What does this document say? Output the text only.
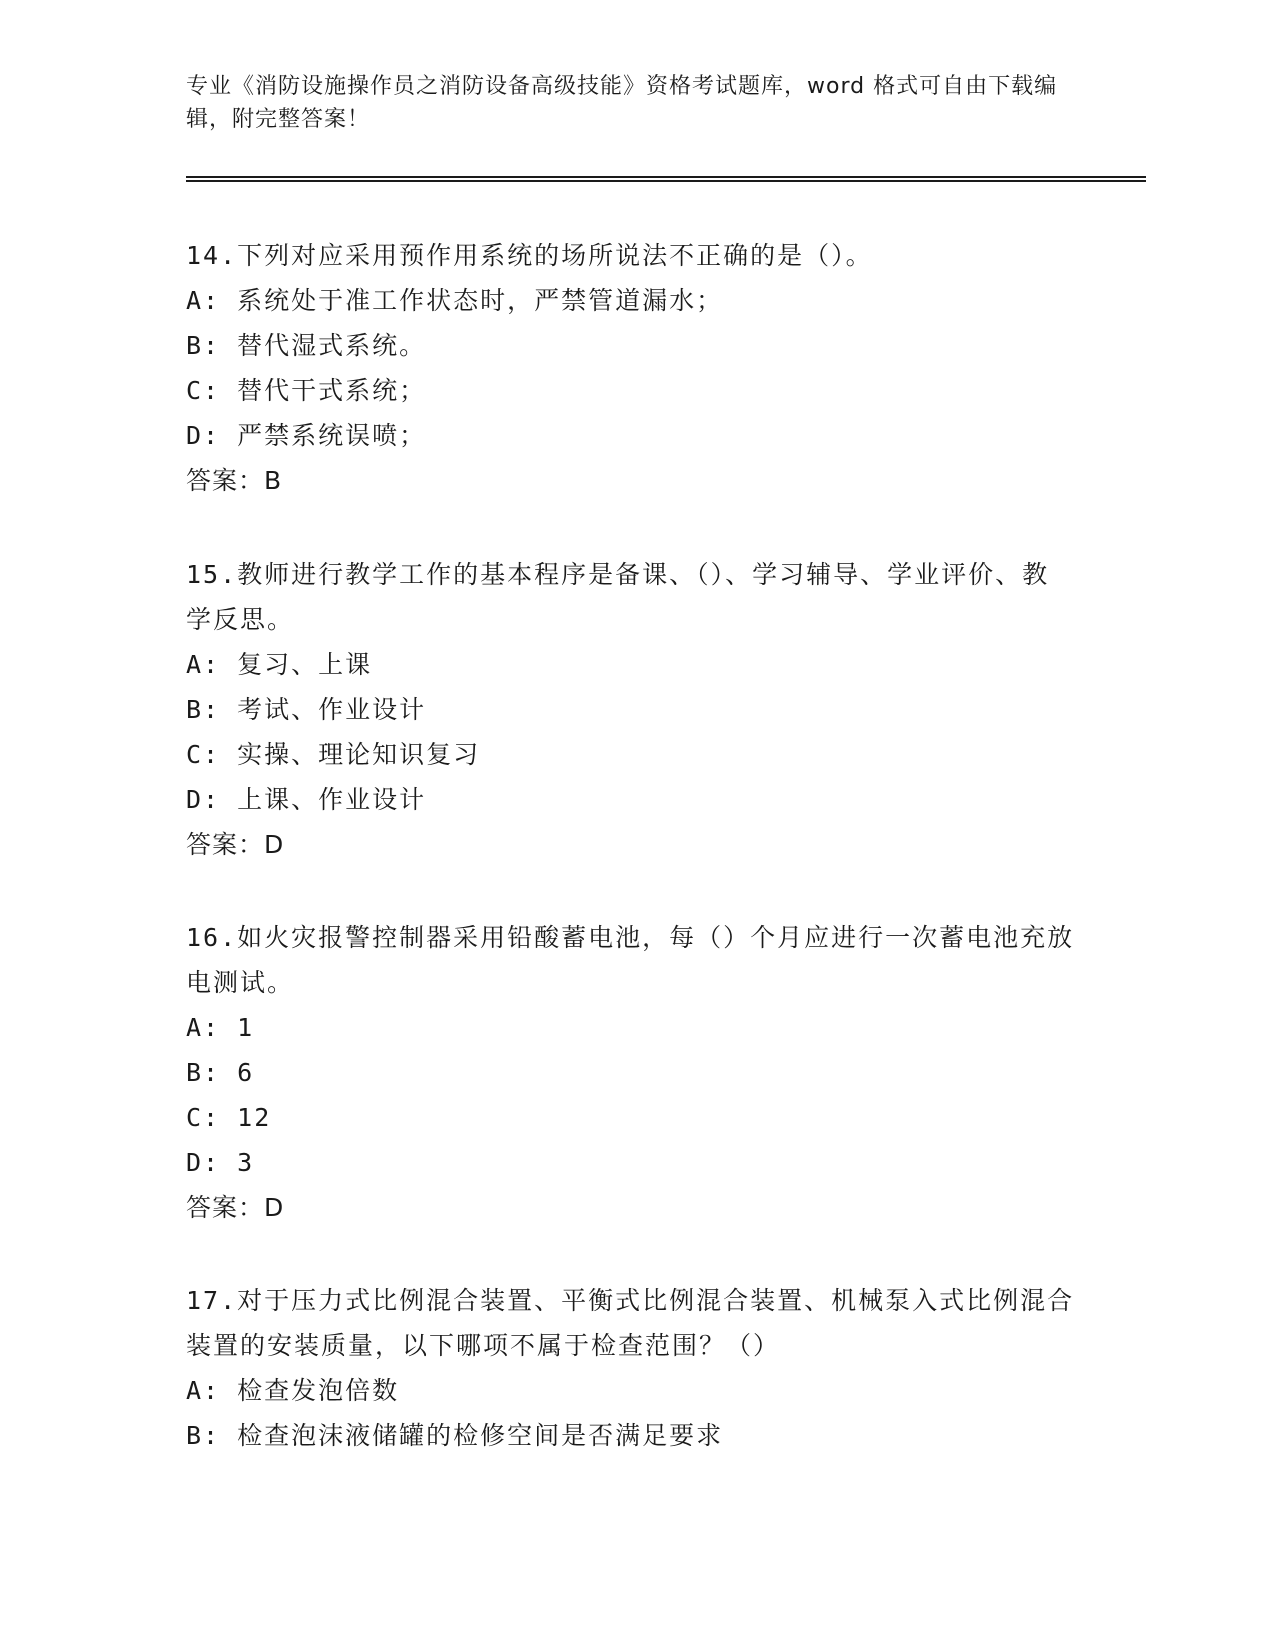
专业《消防设施操作员之消防设备高级技能》资格考试题库，word 格式可自由下载编辑，附完整答案！

14.下列对应采用预作用系统的场所说法不正确的是（）。

A: 系统处于准工作状态时，严禁管道漏水；

B: 替代湿式系统。

C: 替代干式系统；

D: 严禁系统误喷；

答案：B

15.教师进行教学工作的基本程序是备课、（）、学习辅导、学业评价、教学反思。

A: 复习、上课

B: 考试、作业设计

C: 实操、理论知识复习

D: 上课、作业设计

答案：D

16.如火灾报警控制器采用铅酸蓄电池，每（）个月应进行一次蓄电池充放电测试。

A: 1

B: 6

C: 12

D: 3

答案：D

17.对于压力式比例混合装置、平衡式比例混合装置、机械泵入式比例混合装置的安装质量，以下哪项不属于检查范围？（）

A: 检查发泡倍数

B: 检查泡沫液储罐的检修空间是否满足要求
